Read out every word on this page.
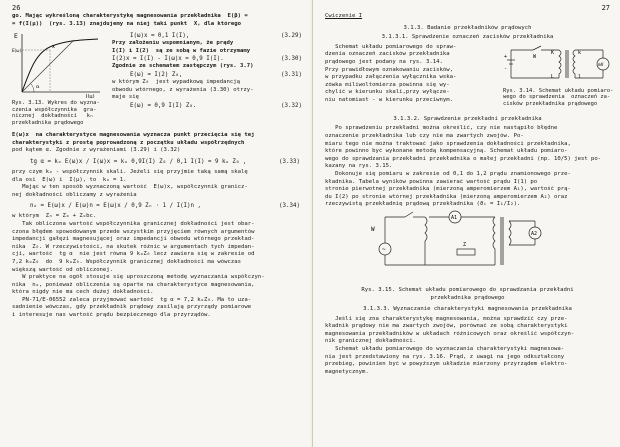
26
go. Mając wykreśloną charakterystykę magnesowania przekładnika  E(β) =
= f(I(μ))  (rys. 3.13) znajdujemy na niej taki punkt  X, dla którego
E
I(μ)
x
E(ω)
α
Rys. 3.13. Wykres do wyzna-
czenia współczynnika  gra-
nicznej  dokładności   kₙ
przekładnika prądowego
I(ω)x = 0,1 I(I),	(3.29)
Przy założeniu wspomnianym, że prądy
I(I) i I(2)  są ze sobą w fazie otrzymamy
I(2)x = I(I) - I(ω)x = 0,9 I(I).	(3.30)
Zgodnie ze schematem zastępczym (rys. 3.7)
E(ω) = I(2) Z₀,	(3.31)
w którym Z₀  jest wypadkową impedancją
obwodu wtórnego, z wyrażenia (3.30) otrzy-
maje się
E(ω) = 0,9 I(I) Z₀.	(3.32)
E(ω)x  na charakterystyce magnesowania wyznacza punkt przecięcia się tej
charakterystyki z prostą poprowadzoną z początku układu współrzędnych
pod kątem α. Zgodnie z wyrażeniami (3.29) i (3.32)
tg α = kₒ E(ω)x / I(ω)x = kₒ 0,9I(I) Z₀ / 0,1 I(I) = 9 kₒ Z₀ ,	(3.33)
przy czym kₒ - współczynnik skali. Jeżeli się przyjmie taką samą skalę
dla osi  E(ω) i  I(μ), to  kₒ = 1.
Mając w ten sposób wyznaczoną wartość  E(ω)x, współczynnik granicz-
nej dokładności obliczamy z wyrażenia
nₒ = E(ω)x / E(ω)n = E(ω)x / 0,9 Zₙ · 1 / I(I)n ,	(3.34)
w którym  Zₙ = Zₒ + Zₒbc.
Tak obliczona wartość współczynnika granicznej dokładności jest obar-
czona błędem spowodowanym przede wszystkim przyjęciem równych argumentów
impedancji gałęzi magnesującej oraz impedancji obwodu wtórnego przekład-
nika  Z₀. W rzeczywistości, na skutek różnic w argumentach tych impedan-
cji, wartość  tg α  nie jest równa 9 kₒZ₀ lecz zawiera się w zakresie od
7,2 kₒZ₀  do  9 kₒZ₀. Współczynnik granicznej dokładności ma wówczas
większą wartość od obliczonej.
W praktyce na ogół stosuje się uproszczoną metodę wyznaczania współczyn-
nika  nₒ, ponieważ obliczenia są oparte na charakterystyce magnesowania,
która nigdy nie ma cech dużej dokładności.
PN-71/E-06552 zaleca przyjmować wartość  tg α = 7,2 kₒZ₀. Ma to uza-
sadnienie wówczas, gdy przekładnik prądowy zasilają przyrządy pomiarowe
i interesuje nas wartość prądu bezpiecznego dla przyrządów.
27
Ćwiczenie I
3.1.3. Badanie przekładników prądowych
3.1.3.1. Sprawdzenie oznaczeń zacisków przekładnika
Schemat układu pomiarowego do spraw-
dzenia oznaczeń zacisków przekładnika
prądowego jest podany na rys. 3.14.
Przy prawidłowym oznakowaniu zacisków,
w przypadku załączenia wyłącznika wska-
zówka miliwoltomierza powinna się wy-
chylić w kierunku skali,przy wyłącze-
niu natomiast - w kierunku przeciwnym.
+
-
W
K
L
k
l
mV
Rys. 3.14. Schemat układu pomiaro-
wego do sprawdzenia  oznaczeń za-
cisków przekładnika prądowego
3.1.3.2. Sprawdzenie przekładni przekładnika
Po sprawdzeniu przekładni można określić, czy nie nastąpiło błędne
oznaczenie przekładnika lub czy nie ma zwartych zwojów. Po-
miaru tego nie można traktować jako sprawdzenia dokładności przekładnika,
które powinno być wykonane metodą kompensacyjną. Schemat układu pomiaro-
wego do sprawdzania przekładni przekładnika o małej przekładni (np. 10/5) jest po-
kazany na rys. 3.15.
Dokonuje się pomiaru w zakresie od 0,1 do 1,2 prądu znamionowego prze-
kładnika. Tabela wyników powinna zawierać wartość prądu I(1) po
stronie pierwotnej przekładnika (mierzoną amperomierzem A₁), wartość prą-
du I(2) po stronie wtórnej przekładnika (mierzoną amperomierzem A₂) oraz
rzeczywistą przekładnię prądową przekładnika (ϑᵢ = I₁/I₂).
~
W
A1
Z
A2
Rys. 3.15. Schemat układu pomiarowego do sprawdzania przekładni
przekładnika prądowego
3.1.3.3. Wyznaczanie charakterystyki magnesowania przekładnika
Jeśli się zna charakterystykę magnesowania, można sprawdzić czy prze-
kładnik prądowy nie ma zwartych zwojów, porównać ze sobą charakterystyki
magnesowania przekładników w układach różnicowych oraz określić współczyn-
nik granicznej dokładności.
Schemat układu pomiarowego do wyznaczania charakterystyki magnesowa-
nia jest przedstawiony na rys. 3.16. Prąd, z uwagi na jego odkształcony
przebieg, powinien być w powyższym układzie mierzony przyrządem elektro-
magnetycznym.
